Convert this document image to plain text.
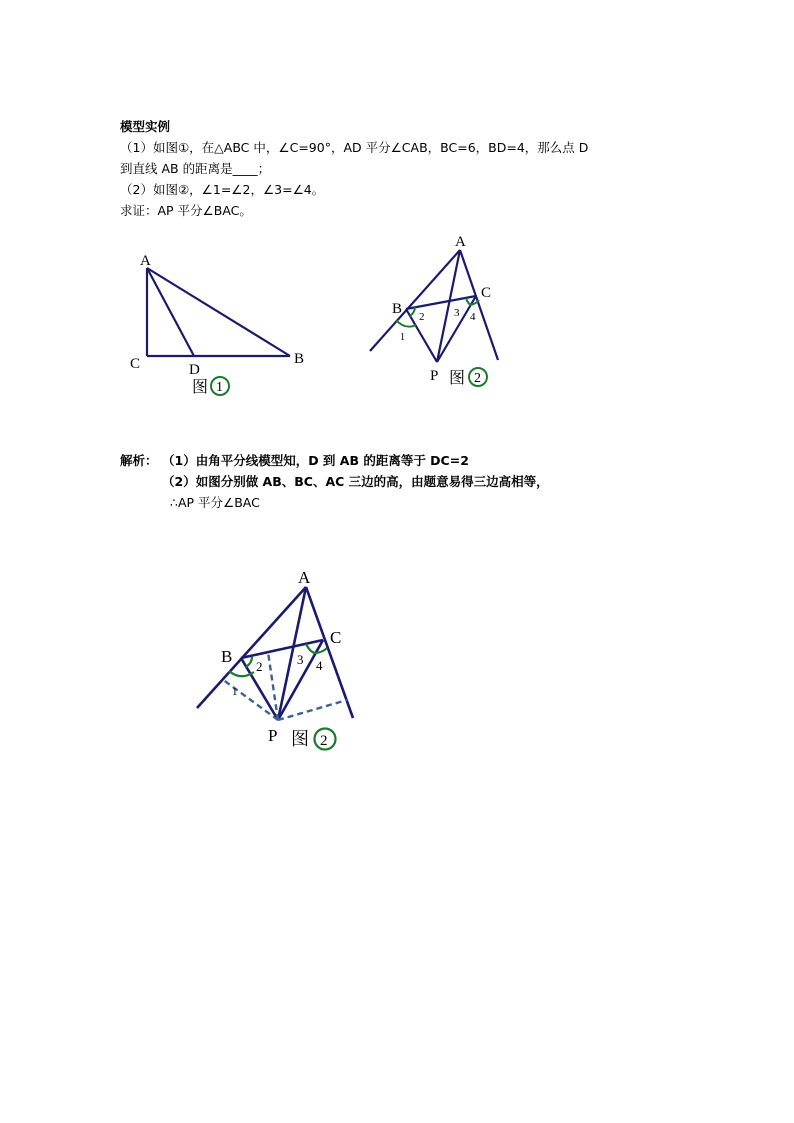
模型实例
（1）如图①，在△ABC 中，∠C=90°，AD 平分∠CAB，BC=6，BD=4，那么点 D
到直线 AB 的距离是____；
（2）如图②，∠1=∠2，∠3=∠4。
求证：AP 平分∠BAC。
A
C	D
B
图 1
A
B
C
P
1
2	3 4
图 2
解析： （1）由角平分线模型知，D 到 AB 的距离等于 DC=2
（2）如图分别做 AB、BC、AC 三边的高，由题意易得三边高相等，
∴AP 平分∠BAC
A
B
C
P
1
2	3 4
图 2
